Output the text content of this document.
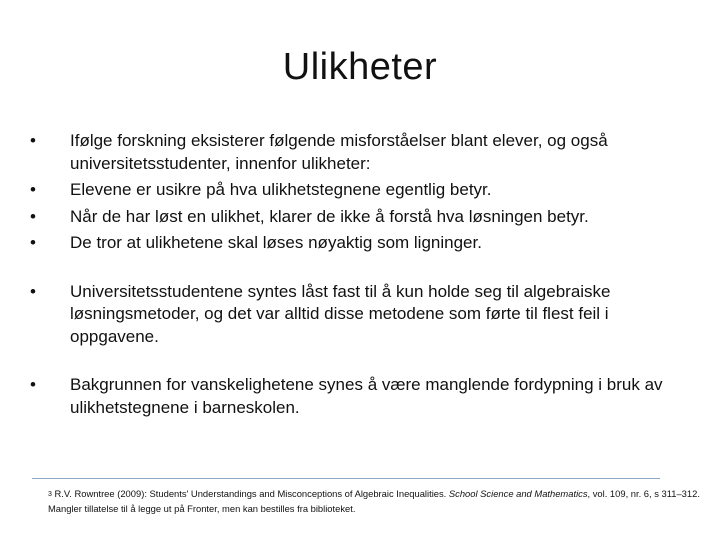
Ulikheter
•	Ifølge forskning eksisterer følgende misforståelser blant elever, og også universitetsstudenter, innenfor ulikheter:
•	Elevene er usikre på hva ulikhetstegnene egentlig betyr.
•	Når de har løst en ulikhet, klarer de ikke å forstå hva løsningen betyr.
•	De tror at ulikhetene skal løses nøyaktig som ligninger.
•	Universitetsstudentene syntes låst fast til å kun holde seg til algebraiske løsningsmetoder, og det var alltid disse metodene som førte til flest feil i oppgavene.
•	Bakgrunnen for vanskelighetene synes å være manglende fordypning i bruk av ulikhetstegnene i barneskolen.
$^3$ R.V. Rowntree (2009): Students' Understandings and Misconceptions of Algebraic Inequalities. School Science and Mathematics, vol. 109, nr. 6, s 311–312. Mangler tillatelse til å legge ut på Fronter, men kan bestilles fra biblioteket.
